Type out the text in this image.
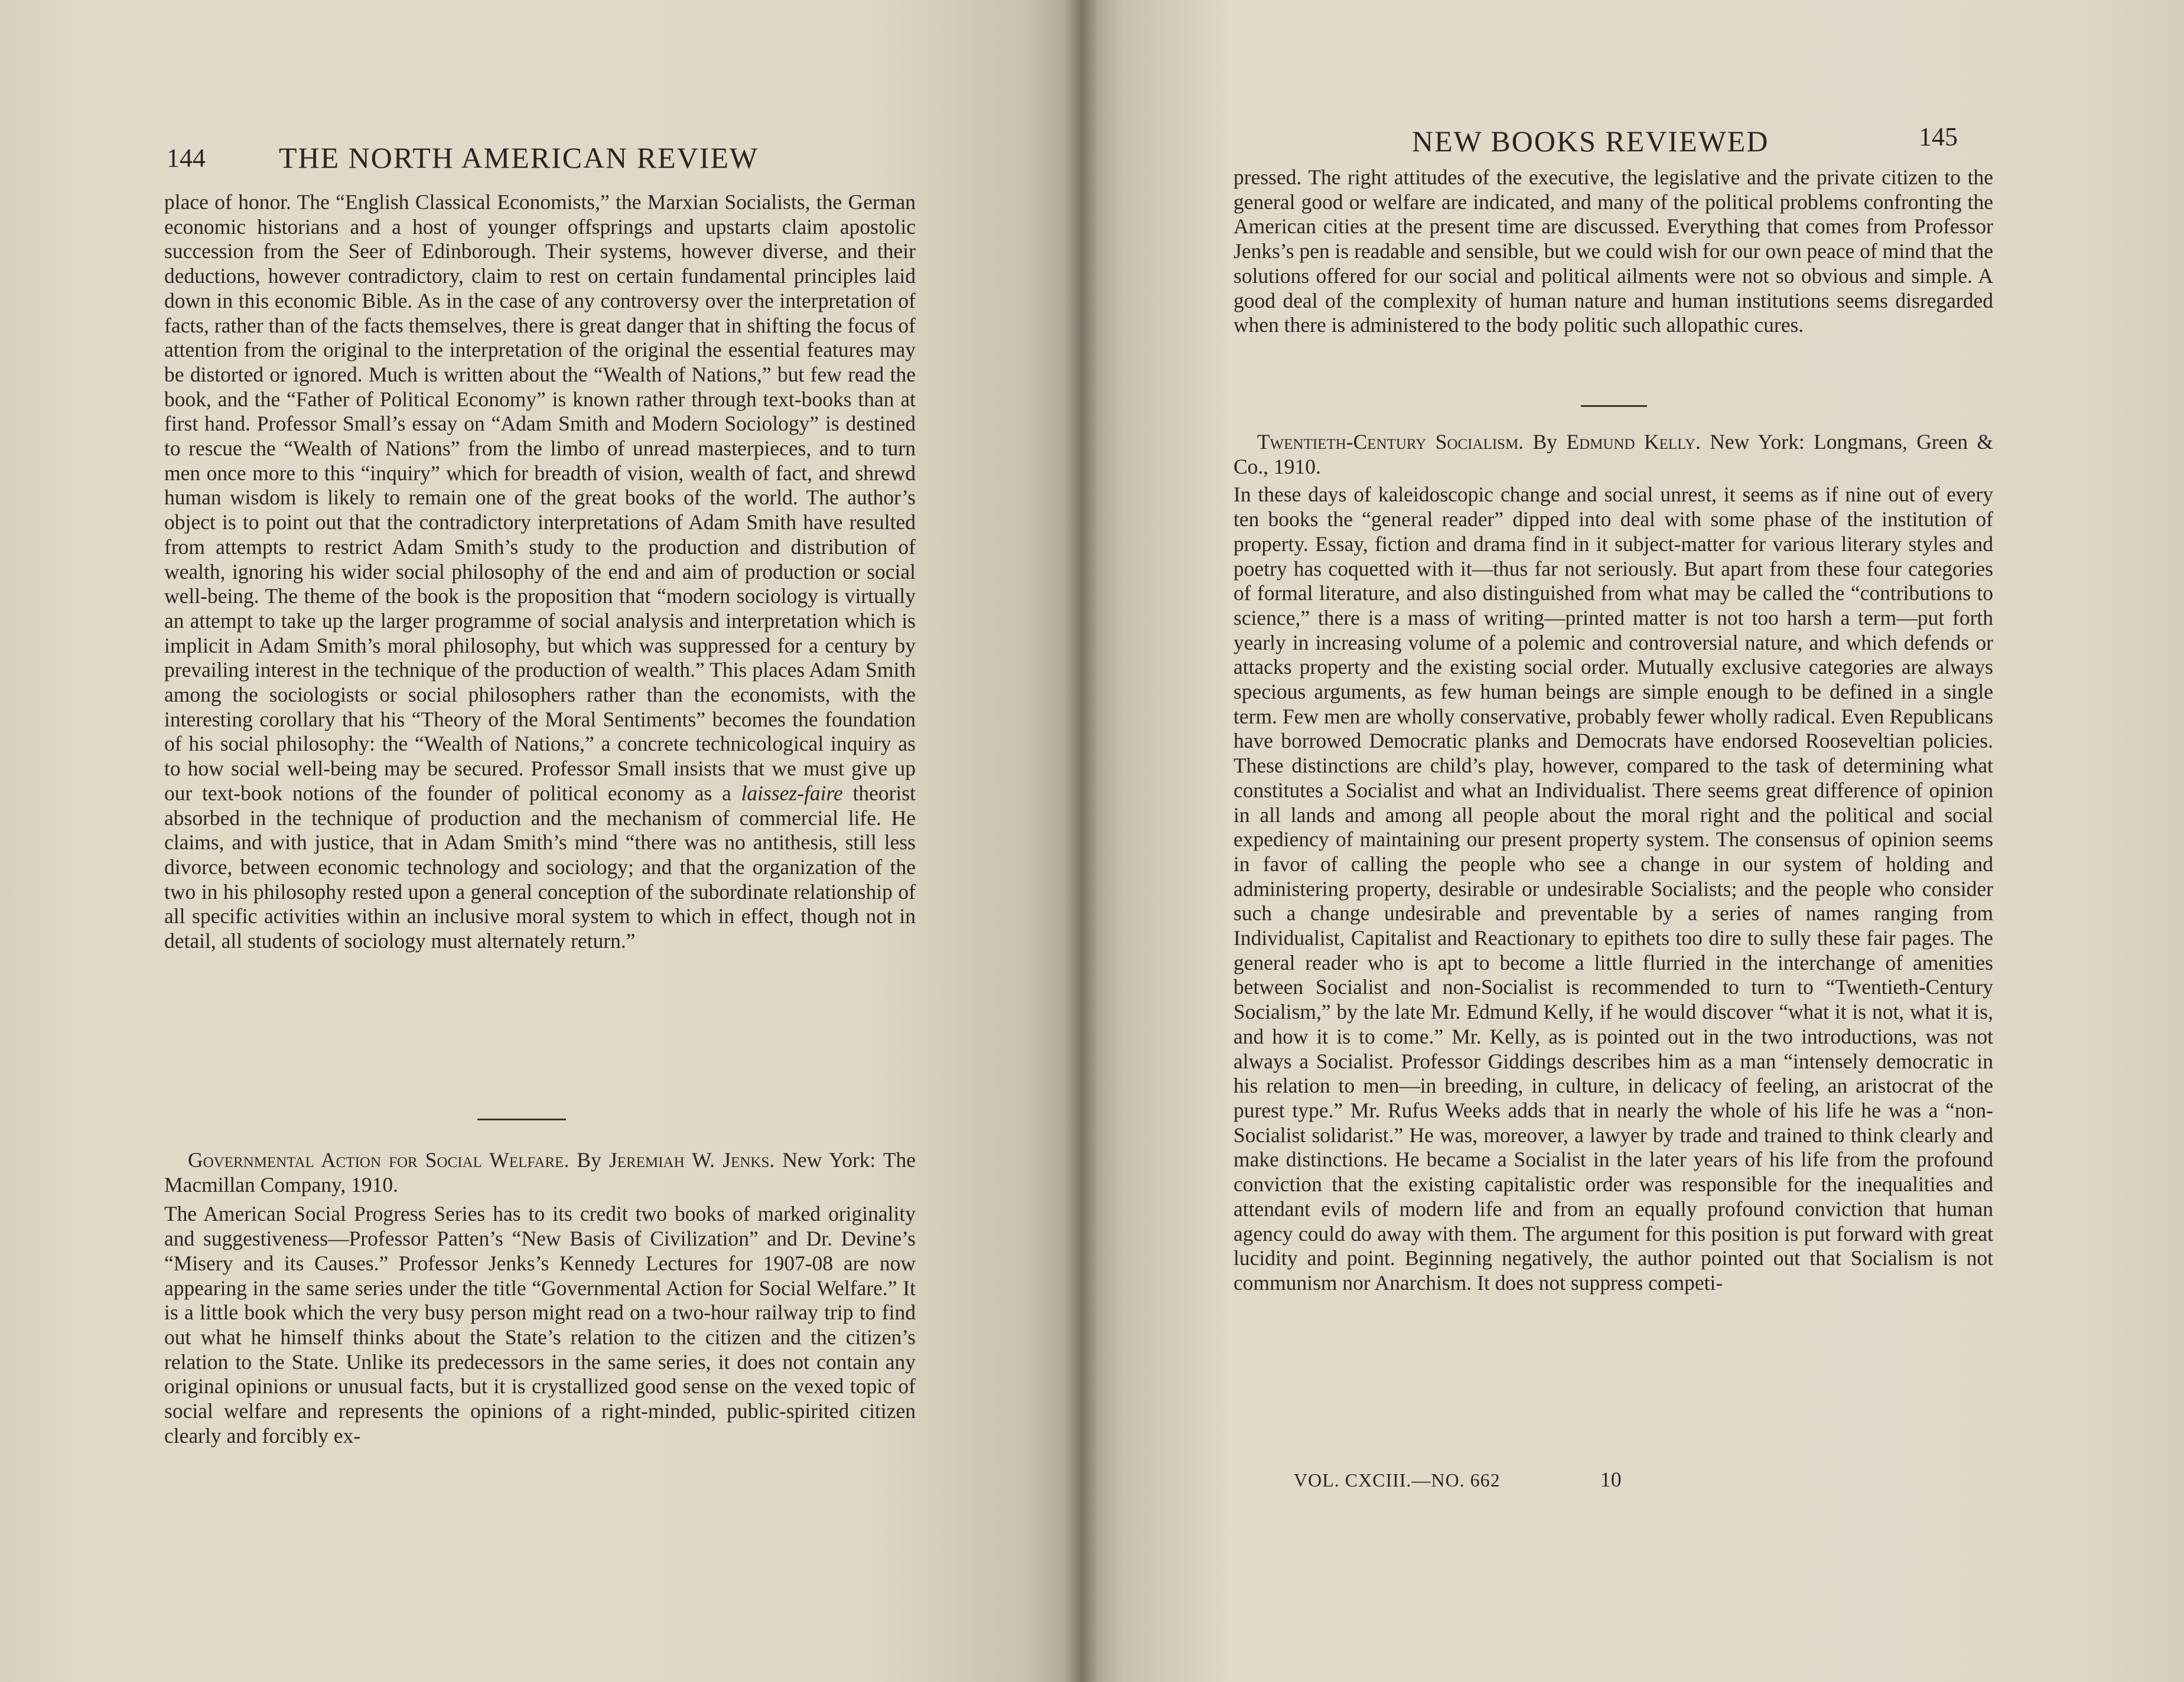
144 THE NORTH AMERICAN REVIEW

place of honor. The “English Classical Economists,” the Marxian Socialists, the German economic historians and a host of younger offsprings and upstarts claim apostolic succession from the Seer of Edinborough. Their systems, however diverse, and their deductions, however contradictory, claim to rest on certain fundamental principles laid down in this economic Bible. As in the case of any controversy over the interpretation of facts, rather than of the facts themselves, there is great danger that in shifting the focus of attention from the original to the interpretation of the original the essential features may be distorted or ignored. Much is written about the “Wealth of Nations,” but few read the book, and the “Father of Political Economy” is known rather through text-books than at first hand. Professor Small’s essay on “Adam Smith and Modern Sociology” is destined to rescue the “Wealth of Nations” from the limbo of unread masterpieces, and to turn men once more to this “inquiry” which for breadth of vision, wealth of fact, and shrewd human wisdom is likely to remain one of the great books of the world. The author’s object is to point out that the contradictory interpretations of Adam Smith have resulted from attempts to restrict Adam Smith’s study to the production and distribution of wealth, ignoring his wider social philosophy of the end and aim of production or social well-being. The theme of the book is the proposition that “modern sociology is virtually an attempt to take up the larger programme of social analysis and interpretation which is implicit in Adam Smith’s moral philosophy, but which was suppressed for a century by prevailing interest in the technique of the production of wealth.” This places Adam Smith among the sociologists or social philosophers rather than the economists, with the interesting corollary that his “Theory of the Moral Sentiments” becomes the foundation of his social philosophy: the “Wealth of Nations,” a concrete technicological inquiry as to how social well-being may be secured. Professor Small insists that we must give up our text-book notions of the founder of political economy as a laissez-faire theorist absorbed in the technique of production and the mechanism of commercial life. He claims, and with justice, that in Adam Smith’s mind “there was no antithesis, still less divorce, between economic technology and sociology; and that the organization of the two in his philosophy rested upon a general conception of the subordinate relationship of all specific activities within an inclusive moral system to which in effect, though not in detail, all students of sociology must alternately return.”

Governmental Action for Social Welfare. By Jeremiah W. Jenks. New York: The Macmillan Company, 1910.

The American Social Progress Series has to its credit two books of marked originality and suggestiveness—Professor Patten’s “New Basis of Civilization” and Dr. Devine’s “Misery and its Causes.” Professor Jenks’s Kennedy Lectures for 1907-08 are now appearing in the same series under the title “Governmental Action for Social Welfare.” It is a little book which the very busy person might read on a two-hour railway trip to find out what he himself thinks about the State’s relation to the citizen and the citizen’s relation to the State. Unlike its predecessors in the same series, it does not contain any original opinions or unusual facts, but it is crystallized good sense on the vexed topic of social welfare and represents the opinions of a right-minded, public-spirited citizen clearly and forcibly ex-

NEW BOOKS REVIEWED	145

pressed. The right attitudes of the executive, the legislative and the private citizen to the general good or welfare are indicated, and many of the political problems confronting the American cities at the present time are discussed. Everything that comes from Professor Jenks’s pen is readable and sensible, but we could wish for our own peace of mind that the solutions offered for our social and political ailments were not so obvious and simple. A good deal of the complexity of human nature and human institutions seems disregarded when there is administered to the body politic such allopathic cures.

Twentieth-Century Socialism. By Edmund Kelly. New York: Longmans, Green & Co., 1910.

In these days of kaleidoscopic change and social unrest, it seems as if nine out of every ten books the “general reader” dipped into deal with some phase of the institution of property. Essay, fiction and drama find in it subject-matter for various literary styles and poetry has coquetted with it—thus far not seriously. But apart from these four categories of formal literature, and also distinguished from what may be called the “contributions to science,” there is a mass of writing—printed matter is not too harsh a term—put forth yearly in increasing volume of a polemic and controversial nature, and which defends or attacks property and the existing social order. Mutually exclusive categories are always specious arguments, as few human beings are simple enough to be defined in a single term. Few men are wholly conservative, probably fewer wholly radical. Even Republicans have borrowed Democratic planks and Democrats have endorsed Rooseveltian policies. These distinctions are child’s play, however, compared to the task of determining what constitutes a Socialist and what an Individualist. There seems great difference of opinion in all lands and among all people about the moral right and the political and social expediency of maintaining our present property system. The consensus of opinion seems in favor of calling the people who see a change in our system of holding and administering property, desirable or undesirable Socialists; and the people who consider such a change undesirable and preventable by a series of names ranging from Individualist, Capitalist and Reactionary to epithets too dire to sully these fair pages. The general reader who is apt to become a little flurried in the interchange of amenities between Socialist and non-Socialist is recommended to turn to “Twentieth-Century Socialism,” by the late Mr. Edmund Kelly, if he would discover “what it is not, what it is, and how it is to come.” Mr. Kelly, as is pointed out in the two introductions, was not always a Socialist. Professor Giddings describes him as a man “intensely democratic in his relation to men—in breeding, in culture, in delicacy of feeling, an aristocrat of the purest type.” Mr. Rufus Weeks adds that in nearly the whole of his life he was a “non-Socialist solidarist.” He was, moreover, a lawyer by trade and trained to think clearly and make distinctions. He became a Socialist in the later years of his life from the profound conviction that the existing capitalistic order was responsible for the inequalities and attendant evils of modern life and from an equally profound conviction that human agency could do away with them. The argument for this position is put forward with great lucidity and point. Beginning negatively, the author pointed out that Socialism is not communism nor Anarchism. It does not suppress competi-

VOL. CXCIII.—NO. 662	10
